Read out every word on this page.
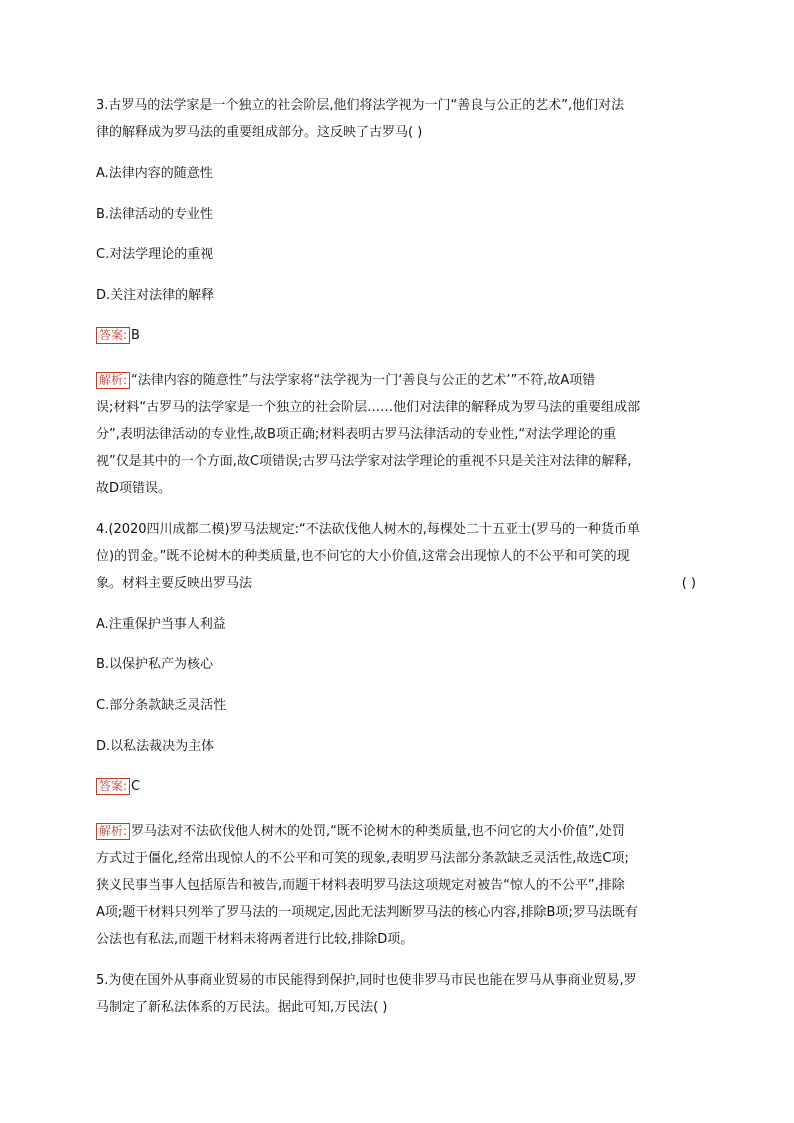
3.古罗马的法学家是一个独立的社会阶层,他们将法学视为一门“善良与公正的艺术”,他们对法
律的解释成为罗马法的重要组成部分。这反映了古罗马( )
A.法律内容的随意性
B.法律活动的专业性
C.对法学理论的重视
D.关注对法律的解释
答案: B
解析: “法律内容的随意性”与法学家将“法学视为一门‘善良与公正的艺术’”不符,故A项错
误;材料“古罗马的法学家是一个独立的社会阶层……他们对法律的解释成为罗马法的重要组成部
分”,表明法律活动的专业性,故B项正确;材料表明古罗马法律活动的专业性,“对法学理论的重
视”仅是其中的一个方面,故C项错误;古罗马法学家对法学理论的重视不只是关注对法律的解释,
故D项错误。
4.(2020四川成都二模)罗马法规定:“不法砍伐他人树木的,每棵处二十五亚士(罗马的一种货币单
位)的罚金。”既不论树木的种类质量,也不问它的大小价值,这常会出现惊人的不公平和可笑的现
象。材料主要反映出罗马法	( )
A.注重保护当事人利益
B.以保护私产为核心
C.部分条款缺乏灵活性
D.以私法裁决为主体
答案: C
解析: 罗马法对不法砍伐他人树木的处罚,“既不论树木的种类质量,也不问它的大小价值”,处罚
方式过于僵化,经常出现惊人的不公平和可笑的现象,表明罗马法部分条款缺乏灵活性,故选C项;
狭义民事当事人包括原告和被告,而题干材料表明罗马法这项规定对被告“惊人的不公平”,排除
A项;题干材料只列举了罗马法的一项规定,因此无法判断罗马法的核心内容,排除B项;罗马法既有
公法也有私法,而题干材料未将两者进行比较,排除D项。
5.为使在国外从事商业贸易的市民能得到保护,同时也使非罗马市民也能在罗马从事商业贸易,罗
马制定了新私法体系的万民法。据此可知,万民法( )
